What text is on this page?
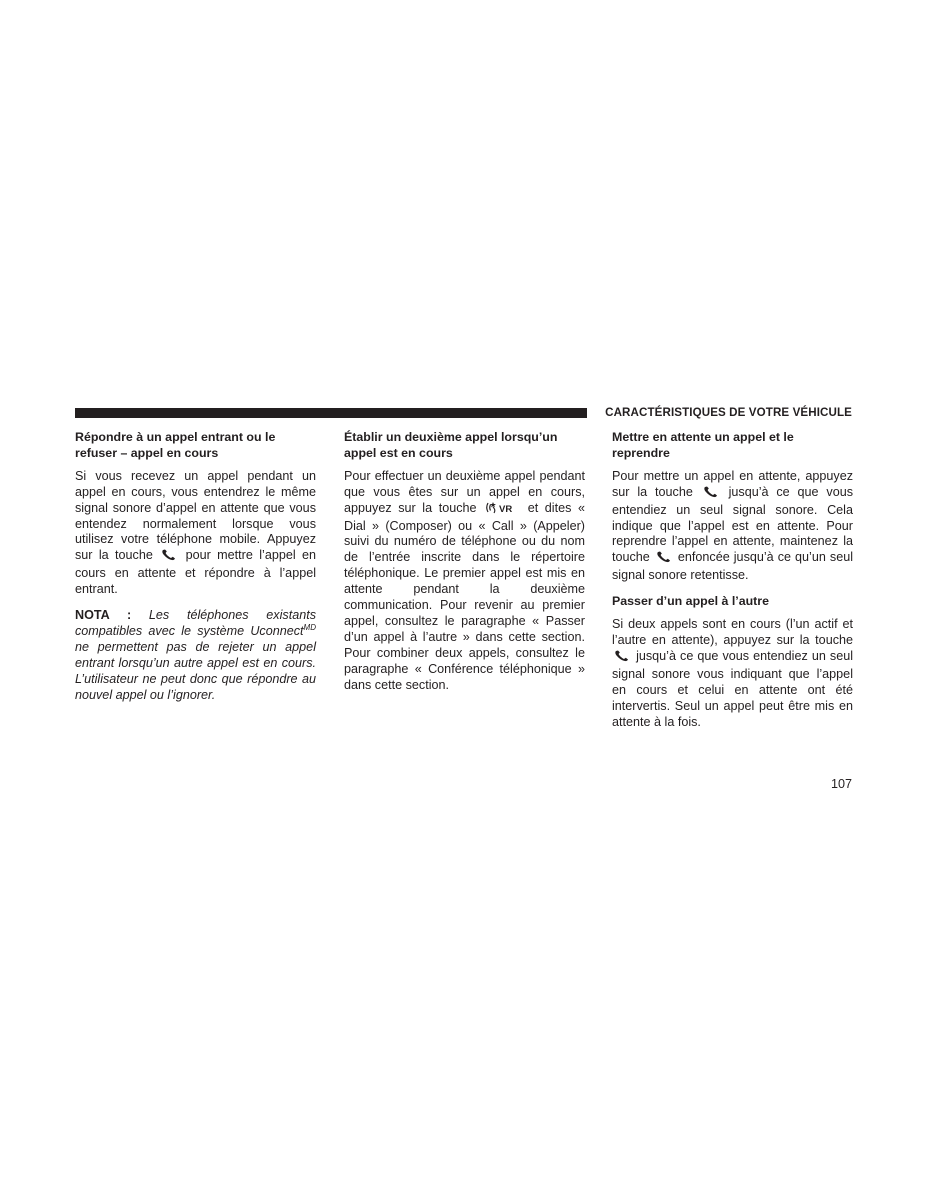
CARACTÉRISTIQUES DE VOTRE VÉHICULE
Répondre à un appel entrant ou le refuser – appel en cours

Si vous recevez un appel pendant un appel en cours, vous entendrez le même signal sonore d’appel en attente que vous entendez normalement lorsque vous utilisez votre téléphone mobile. Appuyez sur la touche	pour mettre l’appel en cours en attente et répondre à l’appel entrant.

NOTA : Les téléphones existants compatibles avec le système Uconnect$^{MD}$ ne permettent pas de rejeter un appel entrant lorsqu’un autre appel est en cours. L’utilisateur ne peut donc que répondre au nouvel appel ou l’ignorer.

Établir un deuxième appel lorsqu’un appel est en cours

Pour effectuer un deuxième appel pendant que vous êtes sur un appel en cours, appuyez sur la touche VR et dites « Dial » (Composer) ou « Call » (Appeler) suivi du numéro de téléphone ou du nom de l’entrée inscrite dans le répertoire téléphonique. Le premier appel est mis en attente pendant la deuxième communication. Pour revenir au premier appel, consultez le paragraphe « Passer d’un appel à l’autre » dans cette section. Pour combiner deux appels, consultez le paragraphe « Conférence téléphonique » dans cette section.

Mettre en attente un appel et le reprendre

Pour mettre un appel en attente, appuyez sur la touche	jusqu’à ce que vous entendiez un seul signal sonore. Cela indique que l’appel est en attente. Pour reprendre l’appel en attente, maintenez la touche enfoncée jusqu’à ce qu’un seul signal sonore retentisse.

Passer d’un appel à l’autre

Si deux appels sont en cours (l’un actif et l’autre en attente), appuyez sur la touche  jusqu’à ce que vous entendiez un seul signal sonore vous indiquant que l’appel en cours et celui en attente ont été intervertis. Seul un appel peut être mis en attente à la fois.

107
